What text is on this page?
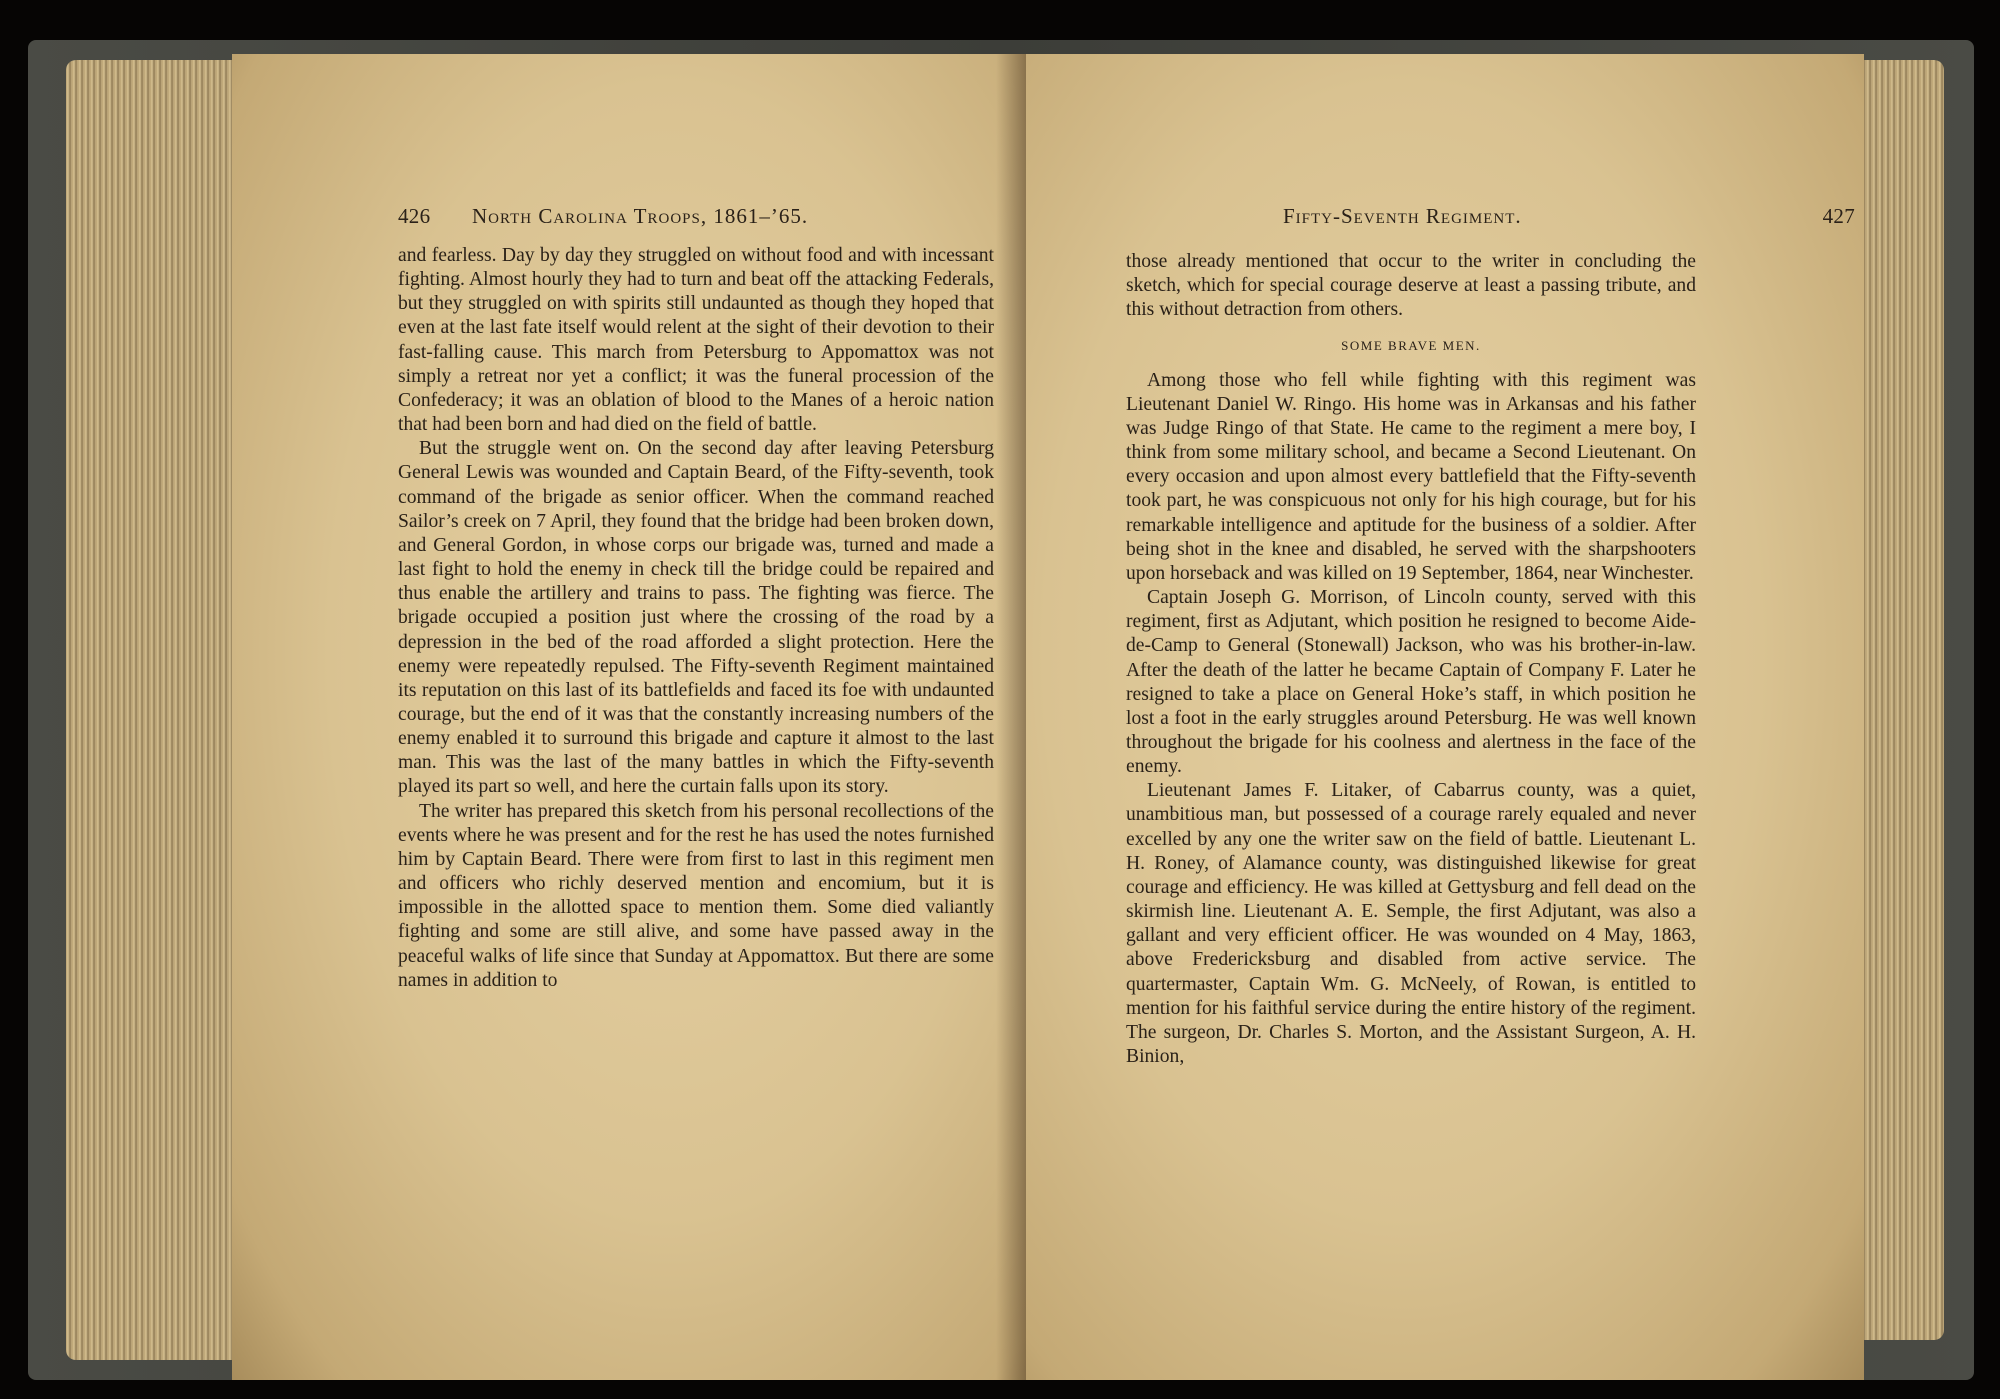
426 North Carolina Troops, 1861–’65.

and fearless. Day by day they struggled on without food and with incessant fighting. Almost hourly they had to turn and beat off the attacking Federals, but they struggled on with spirits still undaunted as though they hoped that even at the last fate itself would relent at the sight of their devotion to their fast-falling cause. This march from Petersburg to Appomattox was not simply a retreat nor yet a conflict; it was the funeral procession of the Confederacy; it was an oblation of blood to the Manes of a heroic nation that had been born and had died on the field of battle.

But the struggle went on. On the second day after leaving Petersburg General Lewis was wounded and Captain Beard, of the Fifty-seventh, took command of the brigade as senior officer. When the command reached Sailor’s creek on 7 April, they found that the bridge had been broken down, and General Gordon, in whose corps our brigade was, turned and made a last fight to hold the enemy in check till the bridge could be repaired and thus enable the artillery and trains to pass. The fighting was fierce. The brigade occupied a position just where the crossing of the road by a depression in the bed of the road afforded a slight protection. Here the enemy were repeatedly repulsed. The Fifty-seventh Regiment maintained its reputation on this last of its battlefields and faced its foe with undaunted courage, but the end of it was that the constantly increasing numbers of the enemy enabled it to surround this brigade and capture it almost to the last man. This was the last of the many battles in which the Fifty-seventh played its part so well, and here the curtain falls upon its story.

The writer has prepared this sketch from his personal recollections of the events where he was present and for the rest he has used the notes furnished him by Captain Beard. There were from first to last in this regiment men and officers who richly deserved mention and encomium, but it is impossible in the allotted space to mention them. Some died valiantly fighting and some are still alive, and some have passed away in the peaceful walks of life since that Sunday at Appomattox. But there are some names in addition to

Fifty-Seventh Regiment.	427

those already mentioned that occur to the writer in concluding the sketch, which for special courage deserve at least a passing tribute, and this without detraction from others.

SOME BRAVE MEN.

Among those who fell while fighting with this regiment was Lieutenant Daniel W. Ringo. His home was in Arkansas and his father was Judge Ringo of that State. He came to the regiment a mere boy, I think from some military school, and became a Second Lieutenant. On every occasion and upon almost every battlefield that the Fifty-seventh took part, he was conspicuous not only for his high courage, but for his remarkable intelligence and aptitude for the business of a soldier. After being shot in the knee and disabled, he served with the sharpshooters upon horseback and was killed on 19 September, 1864, near Winchester.

Captain Joseph G. Morrison, of Lincoln county, served with this regiment, first as Adjutant, which position he resigned to become Aide-de-Camp to General (Stonewall) Jackson, who was his brother-in-law. After the death of the latter he became Captain of Company F. Later he resigned to take a place on General Hoke’s staff, in which position he lost a foot in the early struggles around Petersburg. He was well known throughout the brigade for his coolness and alertness in the face of the enemy.

Lieutenant James F. Litaker, of Cabarrus county, was a quiet, unambitious man, but possessed of a courage rarely equaled and never excelled by any one the writer saw on the field of battle. Lieutenant L. H. Roney, of Alamance county, was distinguished likewise for great courage and efficiency. He was killed at Gettysburg and fell dead on the skirmish line. Lieutenant A. E. Semple, the first Adjutant, was also a gallant and very efficient officer. He was wounded on 4 May, 1863, above Fredericksburg and disabled from active service. The quartermaster, Captain Wm. G. McNeely, of Rowan, is entitled to mention for his faithful service during the entire history of the regiment. The surgeon, Dr. Charles S. Morton, and the Assistant Surgeon, A. H. Binion,
